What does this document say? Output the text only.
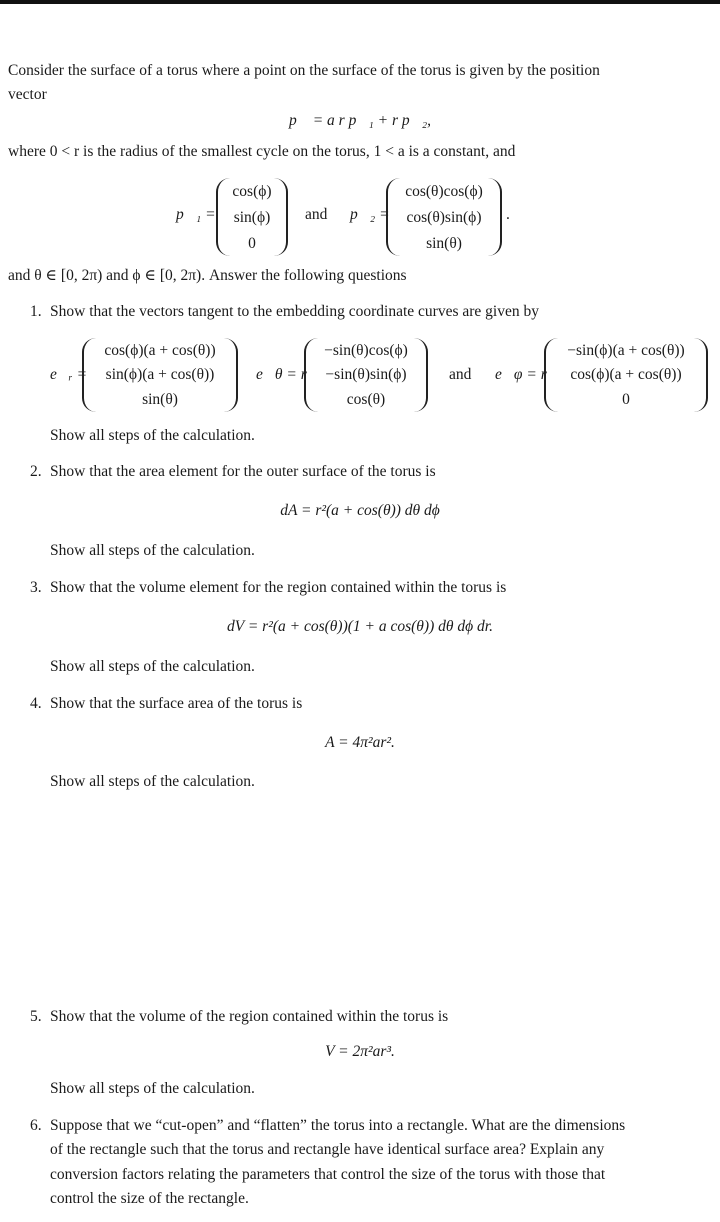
Consider the surface of a torus where a point on the surface of the torus is given by the position
vector
p⃗ = a r p⃗₁ + r p⃗₂,
where 0 < r is the radius of the smallest cycle on the torus, 1 < a is a constant, and
p⃗₁ =
cos(ϕ)
sin(ϕ)
0
and p⃗₂ =
cos(θ)cos(ϕ)
cos(θ)sin(ϕ)
sin(θ)
.
and θ ∈ [0, 2π) and ϕ ∈ [0, 2π). Answer the following questions
1. Show that the vectors tangent to the embedding coordinate curves are given by
e⃗ᵣ =
cos(ϕ)(a + cos(θ))
sin(ϕ)(a + cos(θ))
sin(θ)
e⃗θ = r
−sin(θ)cos(ϕ)
−sin(θ)sin(ϕ)
cos(θ)
and e⃗φ = r
−sin(ϕ)(a + cos(θ))
cos(ϕ)(a + cos(θ))
0
Show all steps of the calculation.
2. Show that the area element for the outer surface of the torus is
dA = r²(a + cos(θ)) dθ dϕ
Show all steps of the calculation.
3. Show that the volume element for the region contained within the torus is
dV = r²(a + cos(θ))(1 + a cos(θ)) dθ dϕ dr.
Show all steps of the calculation.
4. Show that the surface area of the torus is
A = 4π²ar².
Show all steps of the calculation.
5. Show that the volume of the region contained within the torus is
V = 2π²ar³.
Show all steps of the calculation.
6. Suppose that we “cut-open” and “flatten” the torus into a rectangle. What are the dimensions
of the rectangle such that the torus and rectangle have identical surface area? Explain any
conversion factors relating the parameters that control the size of the torus with those that
control the size of the rectangle.
